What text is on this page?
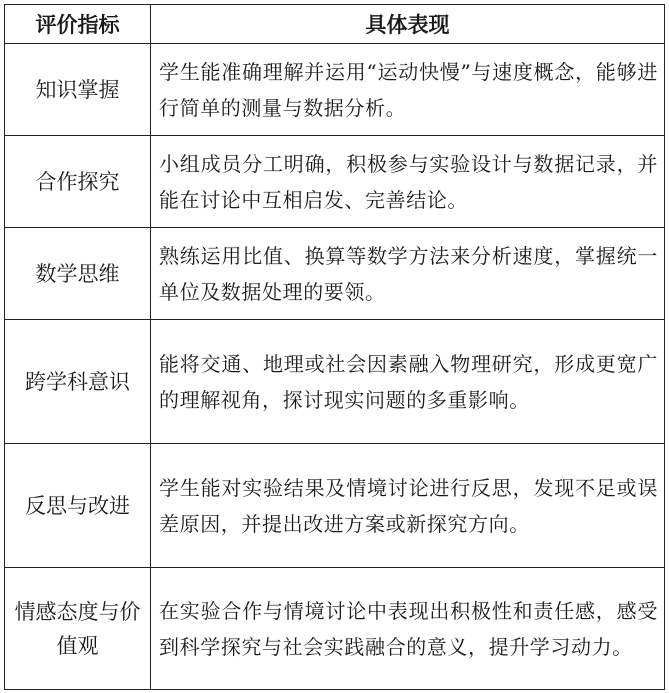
评价指标	具体表现
知识掌握	学生能准确理解并运用“运动快慢”与速度概念，能够进行简单的测量与数据分析。
合作探究	小组成员分工明确，积极参与实验设计与数据记录，并能在讨论中互相启发、完善结论。
数学思维	熟练运用比值、换算等数学方法来分析速度，掌握统一单位及数据处理的要领。
跨学科意识	能将交通、地理或社会因素融入物理研究，形成更宽广的理解视角，探讨现实问题的多重影响。
反思与改进	学生能对实验结果及情境讨论进行反思，发现不足或误差原因，并提出改进方案或新探究方向。
情感态度与价值观	在实验合作与情境讨论中表现出积极性和责任感，感受到科学探究与社会实践融合的意义，提升学习动力。
